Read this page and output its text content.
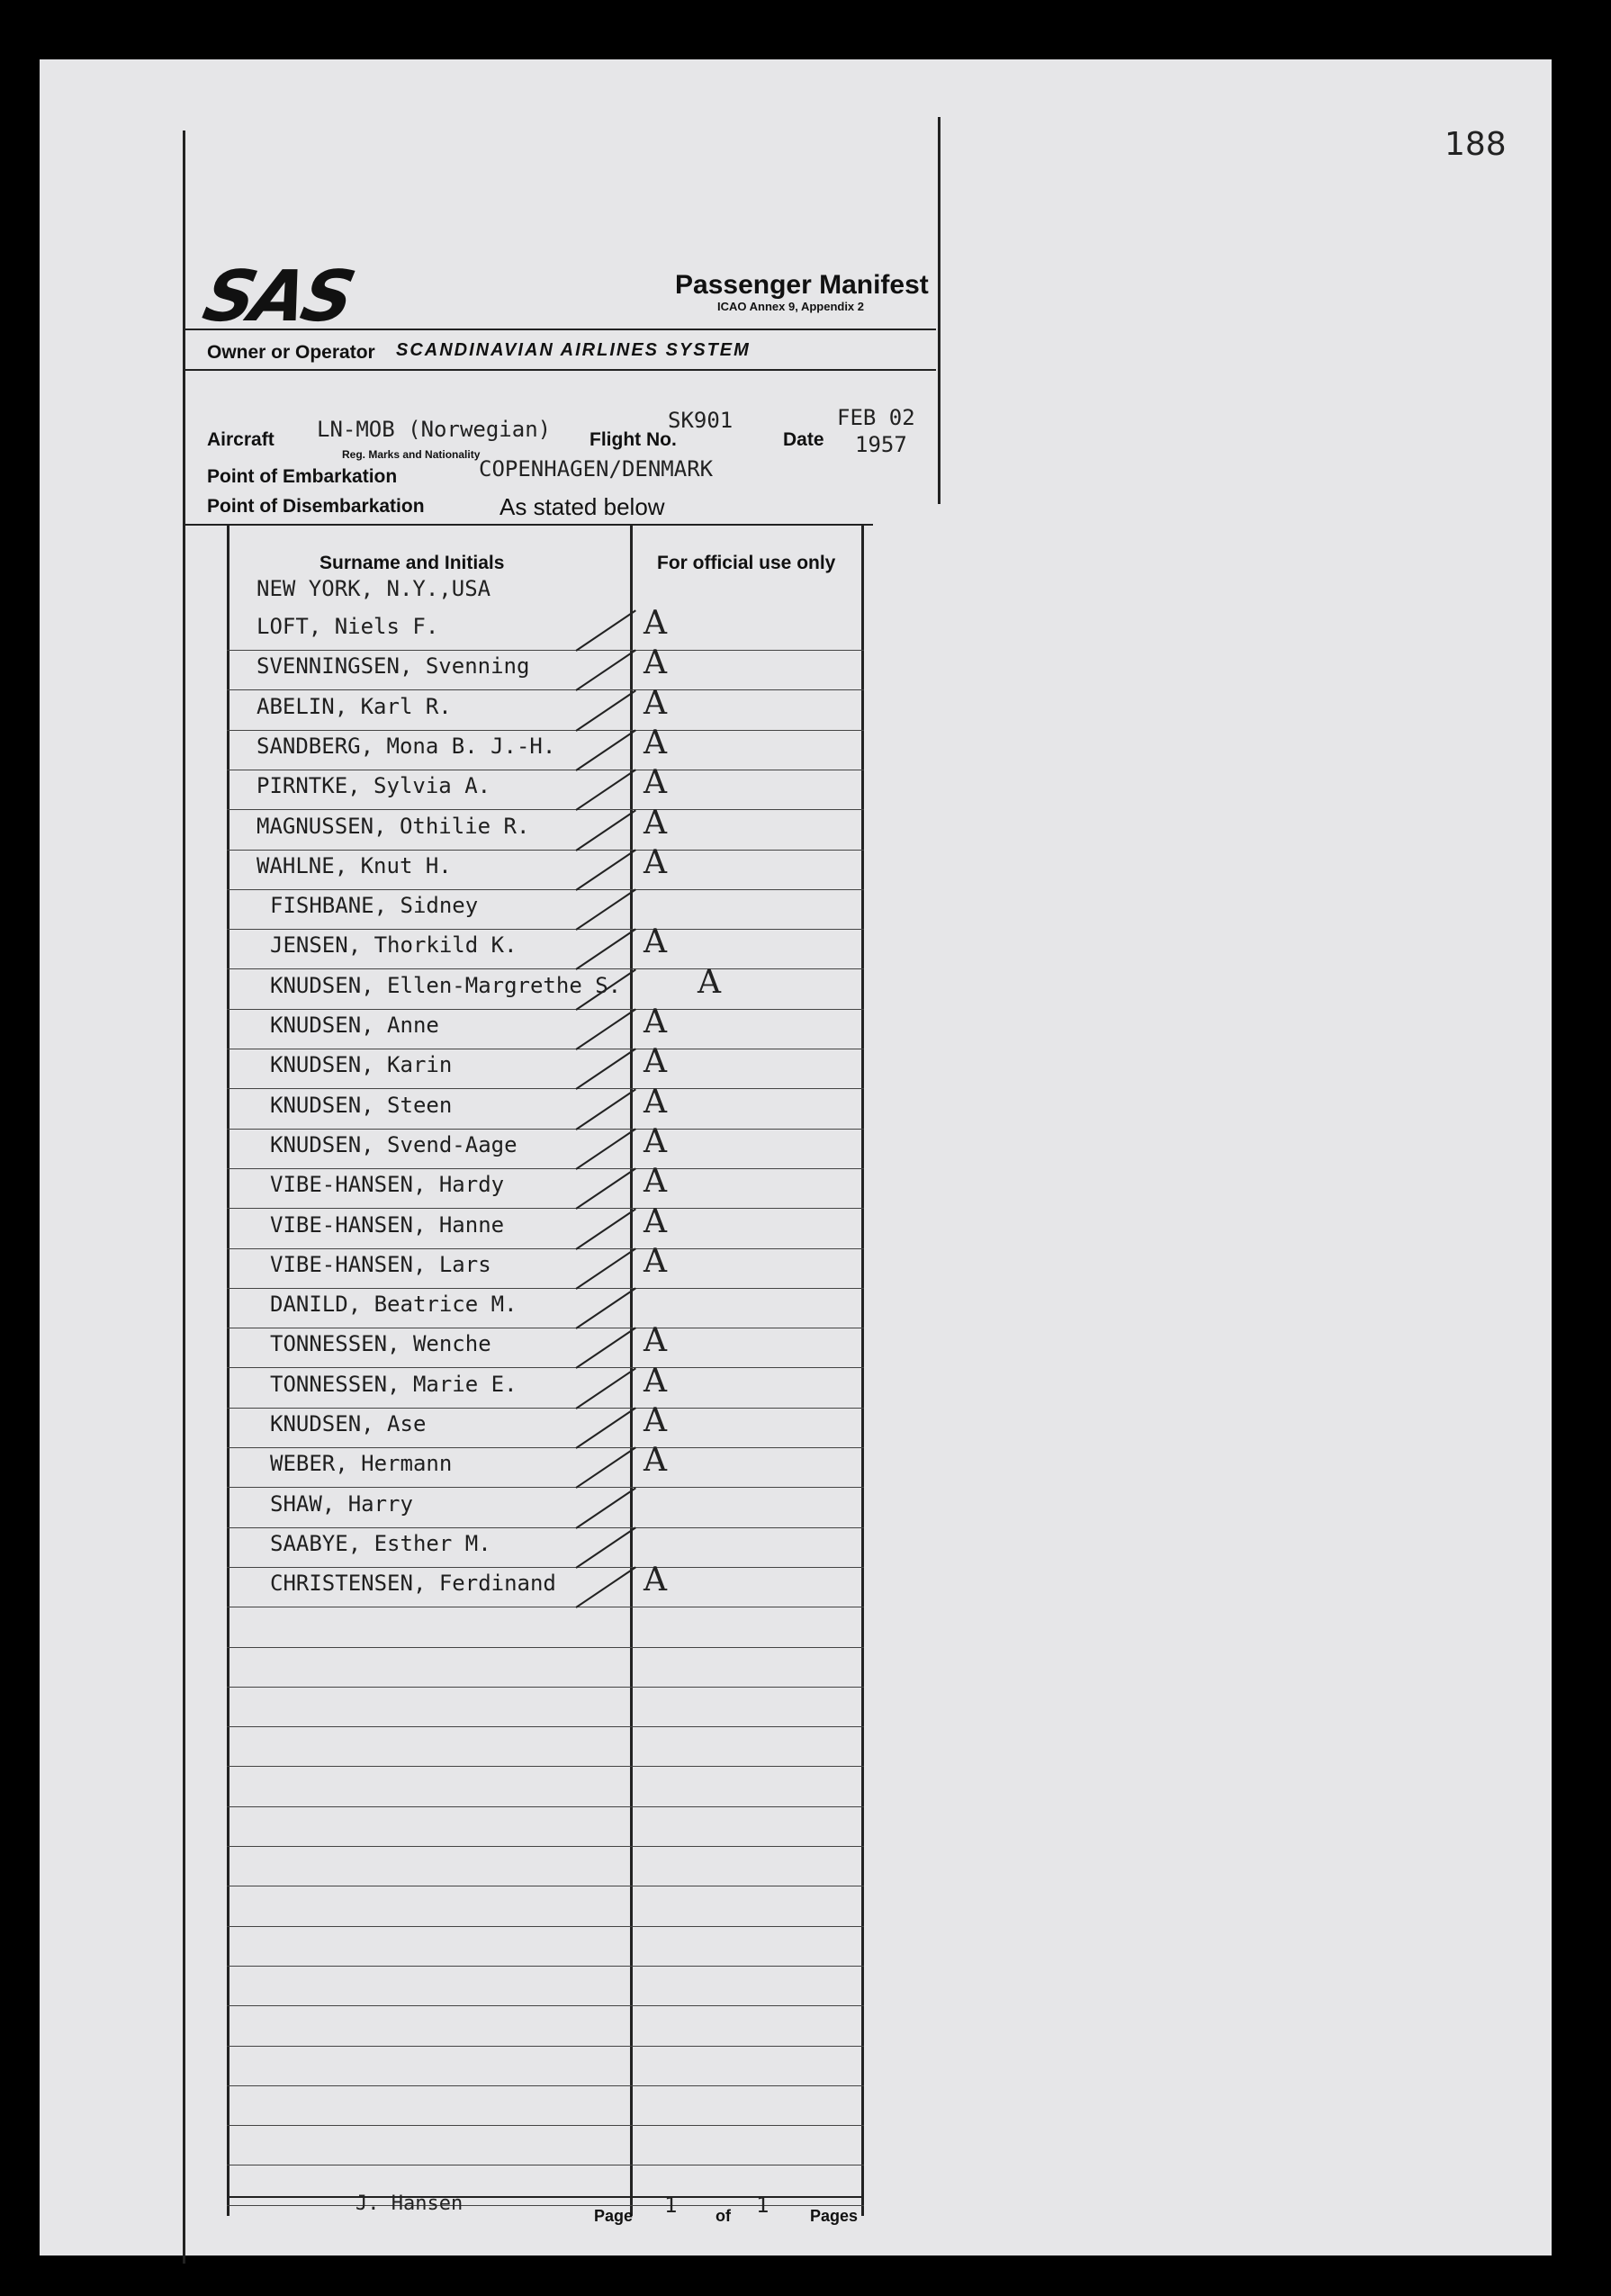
188
SAS	Passenger Manifest
ICAO Annex 9, Appendix 2
Owner or Operator SCANDINAVIAN AIRLINES SYSTEM
Aircraft LN-MOB (Norwegian)
Reg. Marks and Nationality
Flight No.
SK901
Date
FEB 02
1957
Point of Embarkation	COPENHAGEN/DENMARK
Point of Disembarkation	As stated below
Surname and Initials	For official use only
NEW YORK, N.Y.,USA
LOFT, Niels F.	A
SVENNINGSEN, Svenning	A
ABELIN, Karl R.	A
SANDBERG, Mona B. J.-H.	A
PIRNTKE, Sylvia A.	A
MAGNUSSEN, Othilie R.	A
WAHLNE, Knut H.	A
FISHBANE, Sidney
JENSEN, Thorkild K.	A
KNUDSEN, Ellen-Margrethe S. A
KNUDSEN, Anne	A
KNUDSEN, Karin	A
KNUDSEN, Steen	A
KNUDSEN, Svend-Aage	A
VIBE-HANSEN, Hardy	A
VIBE-HANSEN, Hanne	A
VIBE-HANSEN, Lars	A
DANILD, Beatrice M.
TONNESSEN, Wenche	A
TONNESSEN, Marie E.	A
KNUDSEN, Ase	A
WEBER, Hermann	A
SHAW, Harry
SAABYE, Esther M.
CHRISTENSEN, Ferdinand	A
J. Hansen
Page 1 of 1	Pages
